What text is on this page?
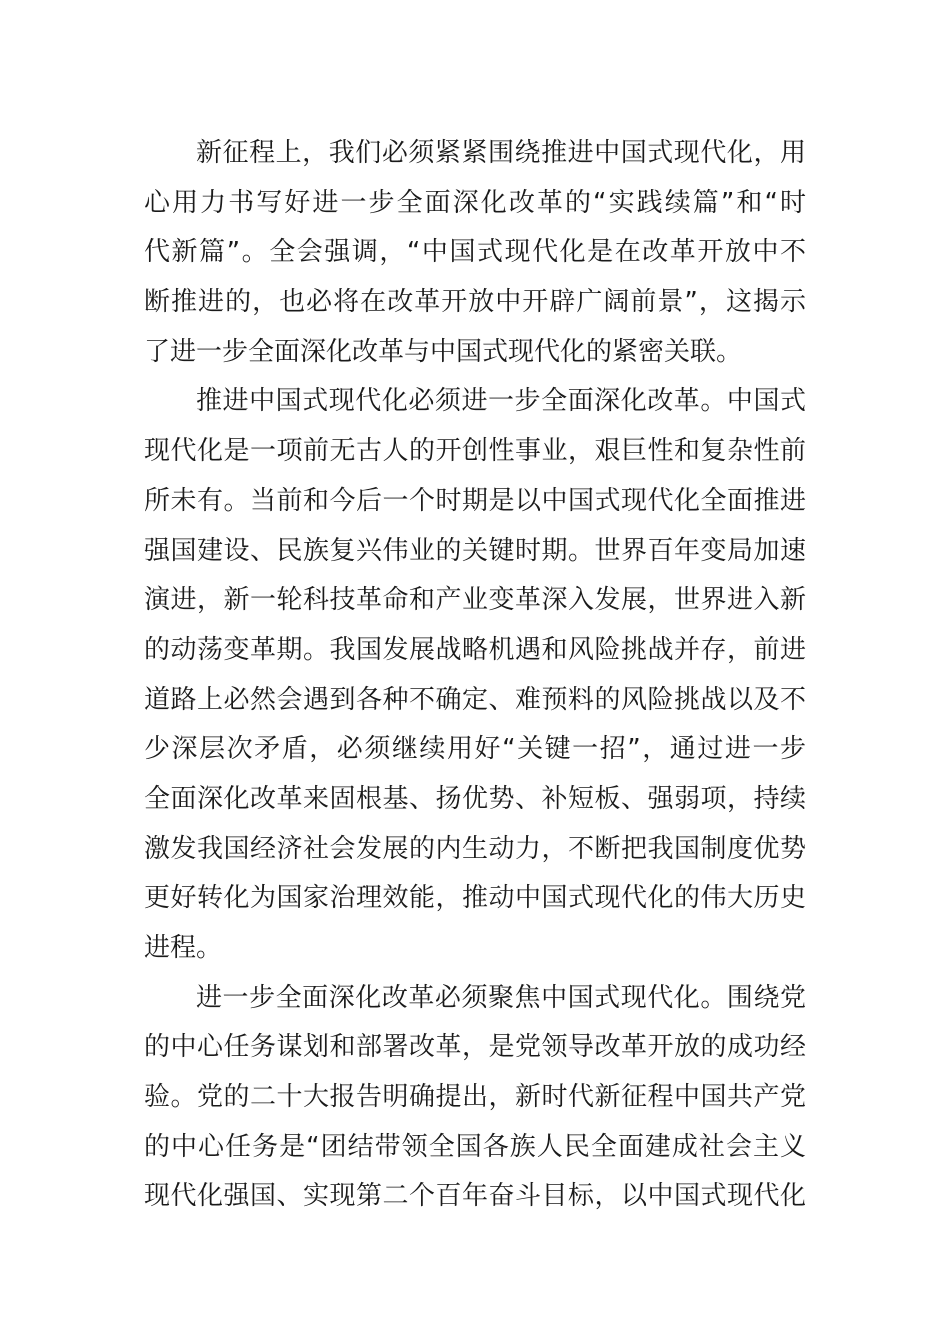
新征程上，我们必须紧紧围绕推进中国式现代化，用
心用力书写好进一步全面深化改革的“实践续篇”和“时
代新篇”。全会强调，“中国式现代化是在改革开放中不
断推进的，也必将在改革开放中开辟广阔前景”，这揭示
了进一步全面深化改革与中国式现代化的紧密关联。
推进中国式现代化必须进一步全面深化改革。中国式
现代化是一项前无古人的开创性事业，艰巨性和复杂性前
所未有。当前和今后一个时期是以中国式现代化全面推进
强国建设、民族复兴伟业的关键时期。世界百年变局加速
演进，新一轮科技革命和产业变革深入发展，世界进入新
的动荡变革期。我国发展战略机遇和风险挑战并存，前进
道路上必然会遇到各种不确定、难预料的风险挑战以及不
少深层次矛盾，必须继续用好“关键一招”，通过进一步
全面深化改革来固根基、扬优势、补短板、强弱项，持续
激发我国经济社会发展的内生动力，不断把我国制度优势
更好转化为国家治理效能，推动中国式现代化的伟大历史
进程。
进一步全面深化改革必须聚焦中国式现代化。围绕党
的中心任务谋划和部署改革，是党领导改革开放的成功经
验。党的二十大报告明确提出，新时代新征程中国共产党
的中心任务是“团结带领全国各族人民全面建成社会主义
现代化强国、实现第二个百年奋斗目标，以中国式现代化
